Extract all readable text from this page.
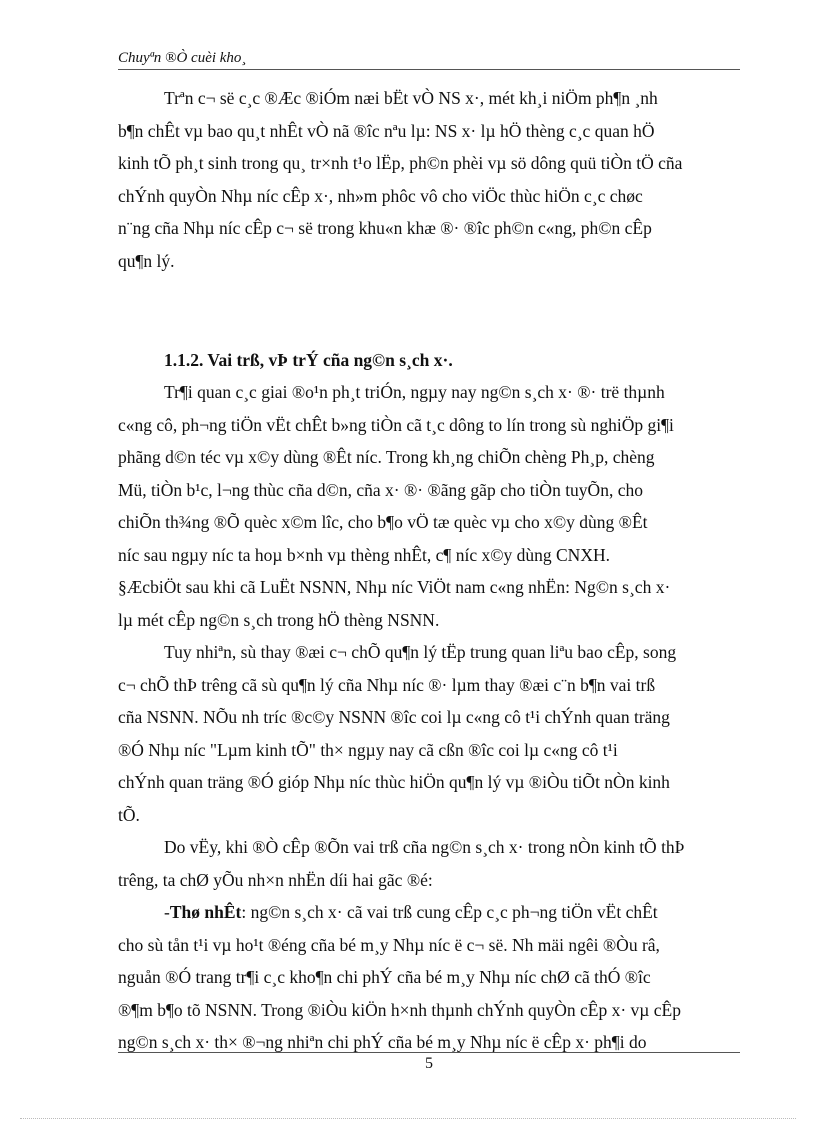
Chuyªn ®Ò cuèi kho¸
Trªn c¬ së c¸c ®Æc ®iÓm næi bËt vÒ NS x·, mét kh¸i niÖm ph¶n ¸nh
b¶n chÊt vµ bao qu¸t nhÊt vÒ nã ®îc nªu lµ: NS x· lµ hÖ thèng c¸c quan hÖ
kinh tÕ ph¸t sinh trong qu¸ tr×nh t¹o lËp, ph©n phèi vµ sö dông quü tiÒn tÖ cña
chÝnh quyÒn Nhµ níc cÊp x·, nh»m phôc vô cho viÖc thùc hiÖn c¸c chøc
n¨ng cña Nhµ níc cÊp c¬ së trong khu«n khæ ®· ®îc ph©n c«ng, ph©n cÊp
qu¶n lý.
1.1.2. Vai trß, vÞ trÝ cña ng©n s¸ch x·.
Tr¶i quan c¸c giai ®o¹n ph¸t triÓn, ngµy nay ng©n s¸ch x· ®· trë thµnh
c«ng cô, ph¬ng tiÖn vËt chÊt b»ng tiÒn cã t¸c dông to lín trong sù nghiÖp gi¶i
phãng d©n téc vµ x©y dùng ®Êt níc. Trong kh¸ng chiÕn chèng Ph¸p, chèng
Mü, tiÒn b¹c, l¬ng thùc cña d©n, cña x· ®· ®ãng gãp cho tiÒn tuyÕn, cho
chiÕn th¾ng ®Õ quèc x©m lîc, cho b¶o vÖ tæ quèc vµ cho x©y dùng ®Êt
níc sau ngµy níc ta hoµ b×nh vµ thèng nhÊt, c¶ níc x©y dùng CNXH.
§ÆcbiÖt sau khi cã LuËt NSNN, Nhµ níc ViÖt nam c«ng nhËn: Ng©n s¸ch x·
lµ mét cÊp ng©n s¸ch trong hÖ thèng NSNN.
Tuy nhiªn, sù thay ®æi c¬ chÕ qu¶n lý tËp trung quan liªu bao cÊp, song
c¬ chÕ thÞ trêng cã sù qu¶n lý cña Nhµ níc ®· lµm thay ®æi c¨n b¶n vai trß
cña NSNN. NÕu nh tríc ®c©y NSNN ®îc coi lµ c«ng cô t¹i chÝnh quan träng
®Ó Nhµ níc "Lµm kinh tÕ" th× ngµy nay cã cßn ®îc coi lµ c«ng cô t¹i
chÝnh quan träng ®Ó gióp Nhµ níc thùc hiÖn qu¶n lý vµ ®iÒu tiÕt nÒn kinh
tÕ.
Do vËy, khi ®Ò cÊp ®Õn vai trß cña ng©n s¸ch x· trong nÒn kinh tÕ thÞ
trêng, ta chØ yÕu nh×n nhËn díi hai gãc ®é:
-Thø nhÊt: ng©n s¸ch x· cã vai trß cung cÊp c¸c ph¬ng tiÖn vËt chÊt
cho sù tån t¹i vµ ho¹t ®éng cña bé m¸y Nhµ níc ë c¬ së. Nh mäi ngêi ®Òu râ,
nguån ®Ó trang tr¶i c¸c kho¶n chi phÝ cña bé m¸y Nhµ níc chØ cã thÓ ®îc
®¶m b¶o tõ NSNN. Trong ®iÒu kiÖn h×nh thµnh chÝnh quyÒn cÊp x· vµ cÊp
ng©n s¸ch x· th× ®¬ng nhiªn chi phÝ cña bé m¸y Nhµ níc ë cÊp x· ph¶i do
5
